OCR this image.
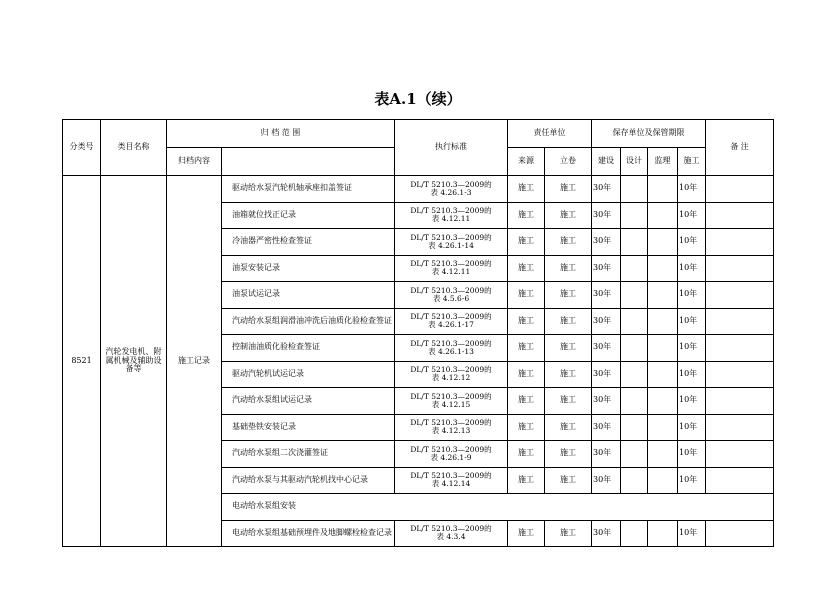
表A.1（续）
分类号	类目名称	归 档 范 围		执行标准	责任单位		保存单位及保管期限				备 注
		归档内容			来源	立卷	建设	设计	监理	施工	
8521	汽轮发电机、附属机械及辅助设备等	施工记录	驱动给水泵汽轮机轴承座扣盖签证	DL/T 5210.3—2009的
表 4.26.1-3	施工	施工	30年			10年	
			油箱就位找正记录	DL/T 5210.3—2009的
表 4.12.11	施工	施工	30年			10年	
			冷油器严密性检查签证	DL/T 5210.3—2009的
表 4.26.1-14	施工	施工	30年			10年	
			油泵安装记录	DL/T 5210.3—2009的
表 4.12.11	施工	施工	30年			10年	
			油泵试运记录	DL/T 5210.3—2009的
表 4.5.6-6	施工	施工	30年			10年	
			汽动给水泵组润滑油冲洗后油质化验检查签证	DL/T 5210.3—2009的
表 4.26.1-17	施工	施工	30年			10年	
			控制油油质化验检查签证	DL/T 5210.3—2009的
表 4.26.1-13	施工	施工	30年			10年	
			驱动汽轮机试运记录	DL/T 5210.3—2009的
表 4.12.12	施工	施工	30年			10年	
			汽动给水泵组试运记录	DL/T 5210.3—2009的
表 4.12.15	施工	施工	30年			10年	
			基础垫铁安装记录	DL/T 5210.3—2009的
表 4.12.13	施工	施工	30年			10年	
			汽动给水泵组二次浇灌签证	DL/T 5210.3—2009的
表 4.26.1-9	施工	施工	30年			10年	
			汽动给水泵与其驱动汽轮机找中心记录	DL/T 5210.3—2009的
表 4.12.14	施工	施工	30年			10年	
			电动给水泵组安装								
			电动给水泵组基础预埋件及地脚螺栓检查记录	DL/T 5210.3—2009的
表 4.3.4	施工	施工	30年			10年	
